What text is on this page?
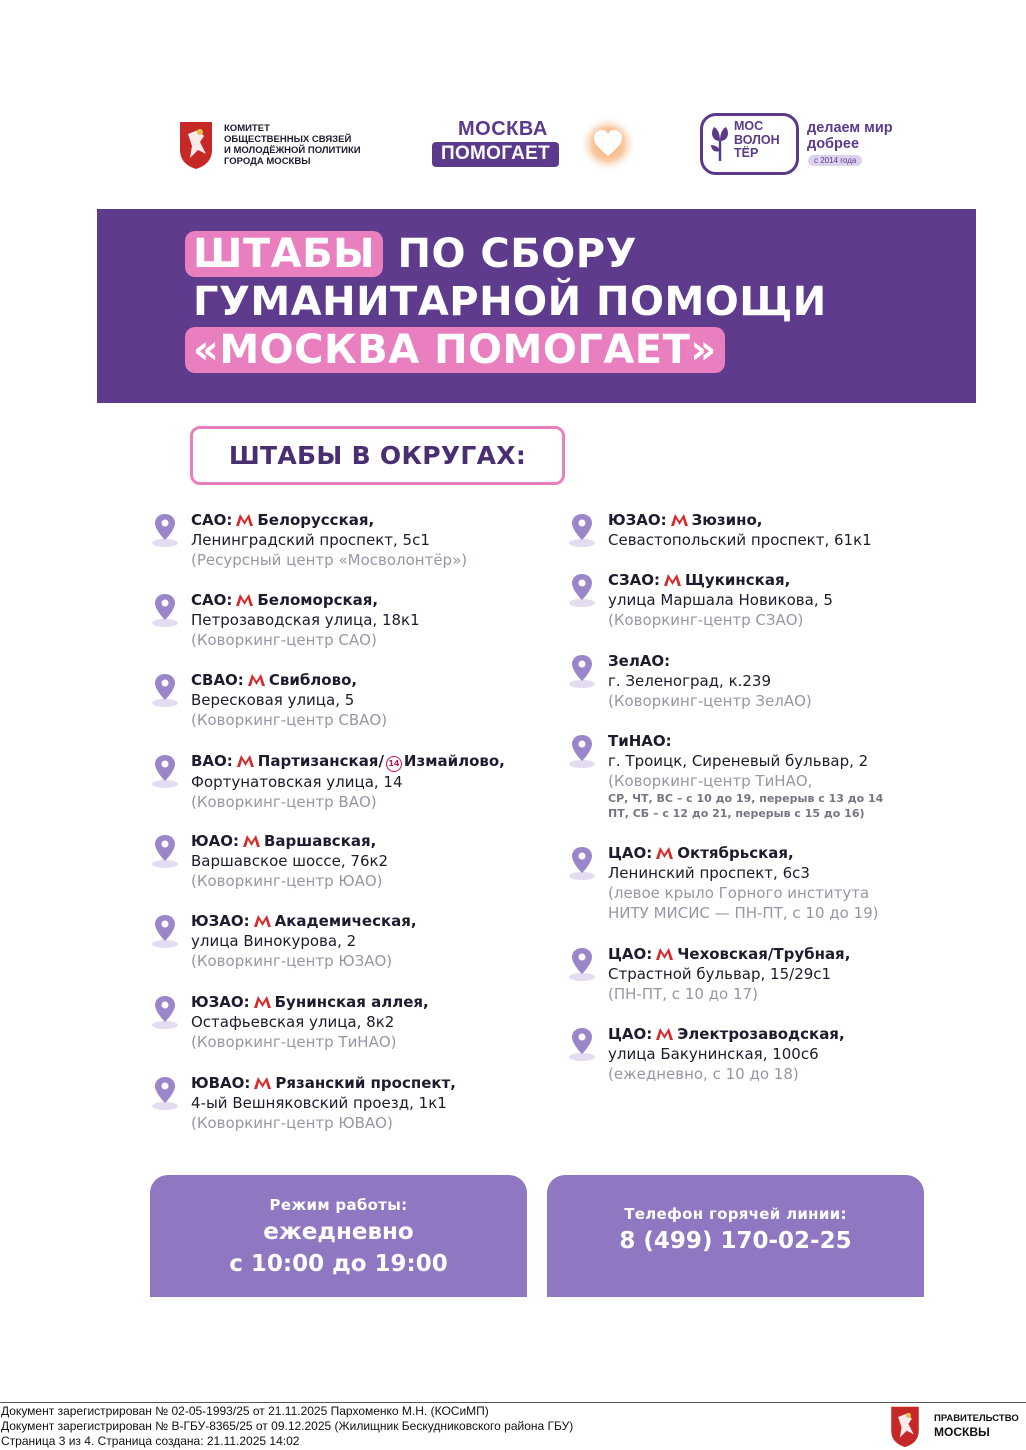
КОМИТЕТ
ОБЩЕСТВЕННЫХ СВЯЗЕЙ
И МОЛОДЁЖНОЙ ПОЛИТИКИ
ГОРОДА МОСКВЫ
МОСКВА
ПОМОГАЕТ
МОС
ВОЛОН
ТЁР
делаем мир
добрее
с 2014 года
ШТАБЫ ПО СБОРУ
ГУМАНИТАРНОЙ ПОМОЩИ
«МОСКВА ПОМОГАЕТ»
ШТАБЫ В ОКРУГАХ:
САО: Белорусская,
Ленинградский проспект, 5с1
(Ресурсный центр «Мосволонтёр»)
САО: Беломорская,
Петрозаводская улица, 18к1
(Коворкинг-центр САО)
СВАО: Свиблово,
Вересковая улица, 5
(Коворкинг-центр СВАО)
ВАО: Партизанская/ 14 Измайлово,
Фортунатовская улица, 14
(Коворкинг-центр ВАО)
ЮАО: Варшавская,
Варшавское шоссе, 76к2
(Коворкинг-центр ЮАО)
ЮЗАО: Академическая,
улица Винокурова, 2
(Коворкинг-центр ЮЗАО)
ЮЗАО: Бунинская аллея,
Остафьевская улица, 8к2
(Коворкинг-центр ТиНАО)
ЮВАО: Рязанский проспект,
4-ый Вешняковский проезд, 1к1
(Коворкинг-центр ЮВАО)
ЮЗАО: Зюзино,
Севастопольский проспект, 61к1
СЗАО: Щукинская,
улица Маршала Новикова, 5
(Коворкинг-центр СЗАО)
ЗелАО:
г. Зеленоград, к.239
(Коворкинг-центр ЗелАО)
ТиНАО:
г. Троицк, Сиреневый бульвар, 2
(Коворкинг-центр ТиНАО,
СР, ЧТ, ВС – с 10 до 19, перерыв с 13 до 14
ПТ, СБ – с 12 до 21, перерыв с 15 до 16)
ЦАО: Октябрьская,
Ленинский проспект, 6с3
(левое крыло Горного института
НИТУ МИСИС — ПН-ПТ, с 10 до 19)
ЦАО: Чеховская/Трубная,
Страстной бульвар, 15/29с1
(ПН-ПТ, с 10 до 17)
ЦАО: Электрозаводская,
улица Бакунинская, 100с6
(ежедневно, с 10 до 18)
Режим работы:
ежедневно
с 10:00 до 19:00
Телефон горячей линии:
8 (499) 170-02-25
Документ зарегистрирован № 02-05-1993/25 от 21.11.2025 Пархоменко М.Н. (КОСиМП)
Документ зарегистрирован № В-ГБУ-8365/25 от 09.12.2025 (Жилищник Бескудниковского района ГБУ)
Страница 3 из 4. Страница создана: 21.11.2025 14:02
ПРАВИТЕЛЬСТВО
МОСКВЫ
